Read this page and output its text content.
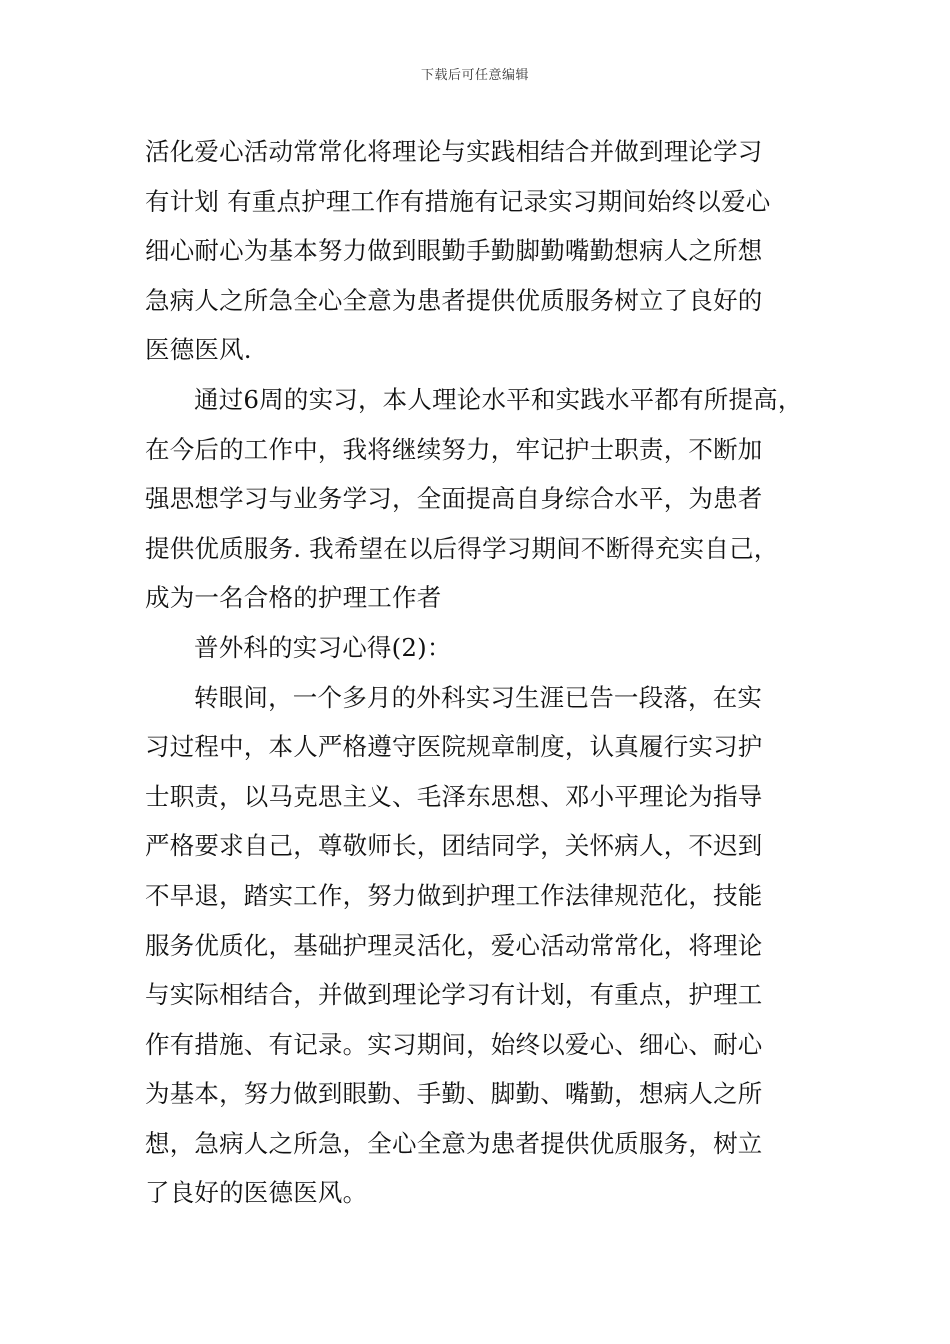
下载后可任意编辑
活化爱心活动常常化将理论与实践相结合并做到理论学习
有计划 有重点护理工作有措施有记录实习期间始终以爱心
细心耐心为基本努力做到眼勤手勤脚勤嘴勤想病人之所想
急病人之所急全心全意为患者提供优质服务树立了良好的
医德医风.
通过6周的实习，本人理论水平和实践水平都有所提高，
在今后的工作中，我将继续努力，牢记护士职责，不断加
强思想学习与业务学习，全面提高自身综合水平，为患者
提供优质服务. 我希望在以后得学习期间不断得充实自己，
成为一名合格的护理工作者
普外科的实习心得(2)：
转眼间，一个多月的外科实习生涯已告一段落，在实
习过程中，本人严格遵守医院规章制度，认真履行实习护
士职责，以马克思主义、毛泽东思想、邓小平理论为指导
严格要求自己，尊敬师长，团结同学，关怀病人，不迟到
不早退，踏实工作，努力做到护理工作法律规范化，技能
服务优质化，基础护理灵活化，爱心活动常常化，将理论
与实际相结合，并做到理论学习有计划，有重点，护理工
作有措施、有记录。实习期间，始终以爱心、细心、耐心
为基本，努力做到眼勤、手勤、脚勤、嘴勤，想病人之所
想，急病人之所急，全心全意为患者提供优质服务，树立
了良好的医德医风。
